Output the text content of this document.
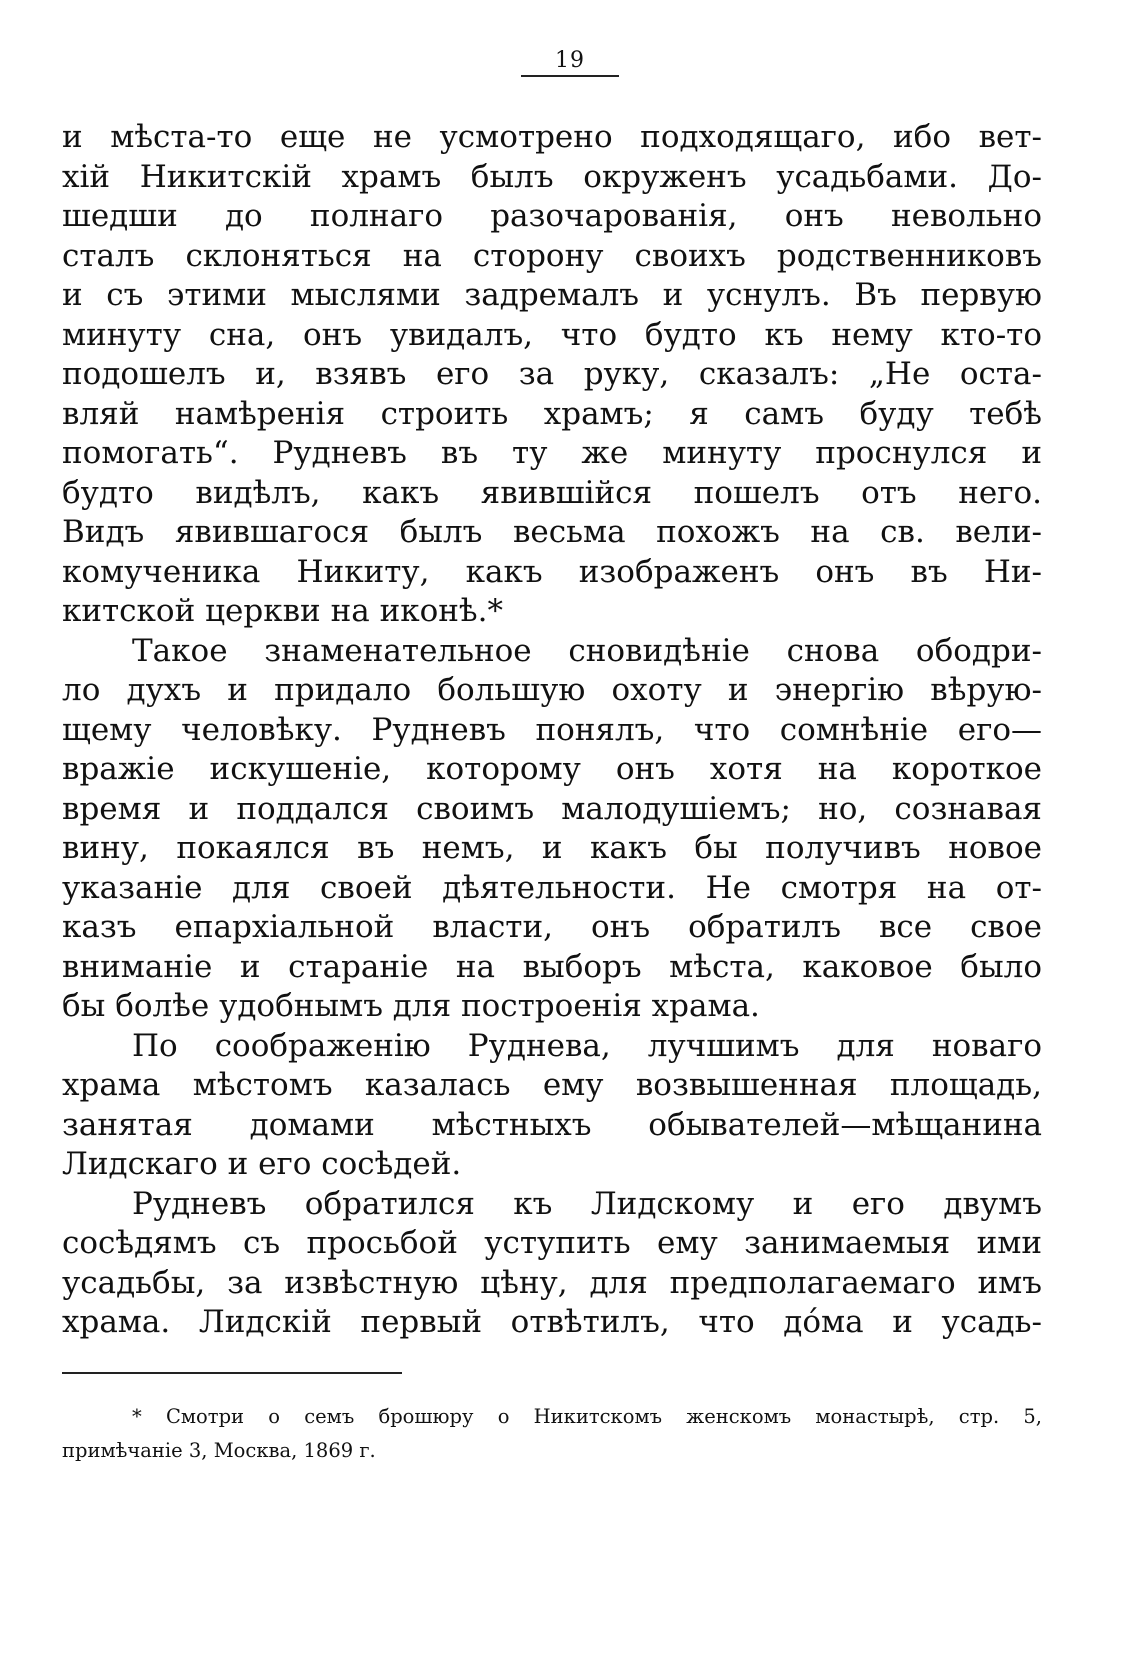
19
и мѣста-то еще не усмотрено подходящаго, ибо вет-
хій Никитскій храмъ былъ окруженъ усадьбами. До-
шедши до полнаго разочарованія, онъ невольно
сталъ склоняться на сторону своихъ родственниковъ
и съ этими мыслями задремалъ и уснулъ. Въ первую
минуту сна, онъ увидалъ, что будто къ нему кто-то
подошелъ и, взявъ его за руку, сказалъ: „Не оста-
вляй намѣренія строить храмъ; я самъ буду тебѣ
помогать“. Рудневъ въ ту же минуту проснулся и
будто видѣлъ, какъ явившійся пошелъ отъ него.
Видъ явившагося былъ весьма похожъ на св. вели-
комученика Никиту, какъ изображенъ онъ въ Ни-
китской церкви на иконѣ.*
Такое знаменательное сновидѣніе снова ободри-
ло духъ и придало большую охоту и энергію вѣрую-
щему человѣку. Рудневъ понялъ, что сомнѣніе его—
вражіе искушеніе, которому онъ хотя на короткое
время и поддался своимъ малодушіемъ; но, сознавая
вину, покаялся въ немъ, и какъ бы получивъ новое
указаніе для своей дѣятельности. Не смотря на от-
казъ епархіальной власти, онъ обратилъ все свое
вниманіе и стараніе на выборъ мѣста, каковое было
бы болѣе удобнымъ для построенія храма.
По соображенію Руднева, лучшимъ для новаго
храма мѣстомъ казалась ему возвышенная площадь,
занятая домами мѣстныхъ обывателей—мѣщанина
Лидскаго и его сосѣдей.
Рудневъ обратился къ Лидскому и его двумъ
сосѣдямъ съ просьбой уступить ему занимаемыя ими
усадьбы, за извѣстную цѣну, для предполагаемаго имъ
храма. Лидскій первый отвѣтилъ, что дóма и усадь-
* Смотри о семъ брошюру о Никитскомъ женскомъ монастырѣ, стр. 5,
примѣчаніе 3, Москва, 1869 г.
